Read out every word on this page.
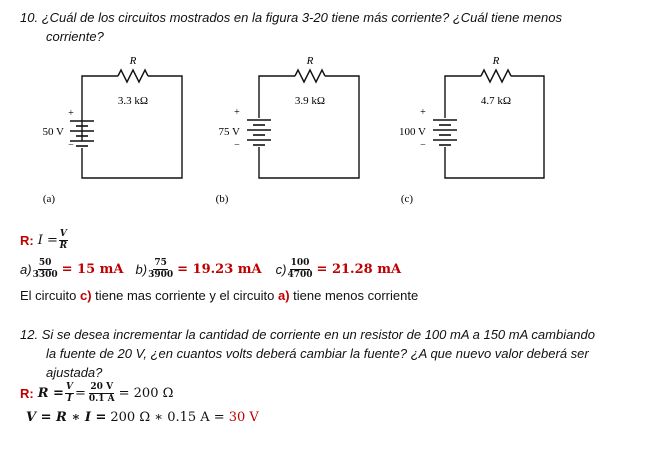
10. ¿Cuál de los circuitos mostrados en la figura 3-20 tiene más corriente? ¿Cuál tiene menos
corriente?
R
3.3 kΩ
50 V
+
−
(a)
R
3.9 kΩ
75 V
+
−
(b)
R
4.7 kΩ
100 V
+
−
(c)
R: $I = \frac{V}{R}$
$a) \frac{50}{3300} = 15$ mA $b) \frac{75}{3900} = 19.23$ mA $c) \frac{100}{4700} = 21.28$ mA
El circuito c) tiene mas corriente y el circuito a) tiene menos corriente
12. Si se desea incrementar la cantidad de corriente en un resistor de 100 mA a 150 mA cambiando
la fuente de 20 V, ¿en cuantos volts deberá cambiar la fuente? ¿A que nuevo valor deberá ser
ajustada?
R: $R = \frac{V}{I} = \frac{20 V}{0.1 A} = 200$ Ω
V = R ∗ I = 200 Ω ∗ 0.15 A = 30 V
